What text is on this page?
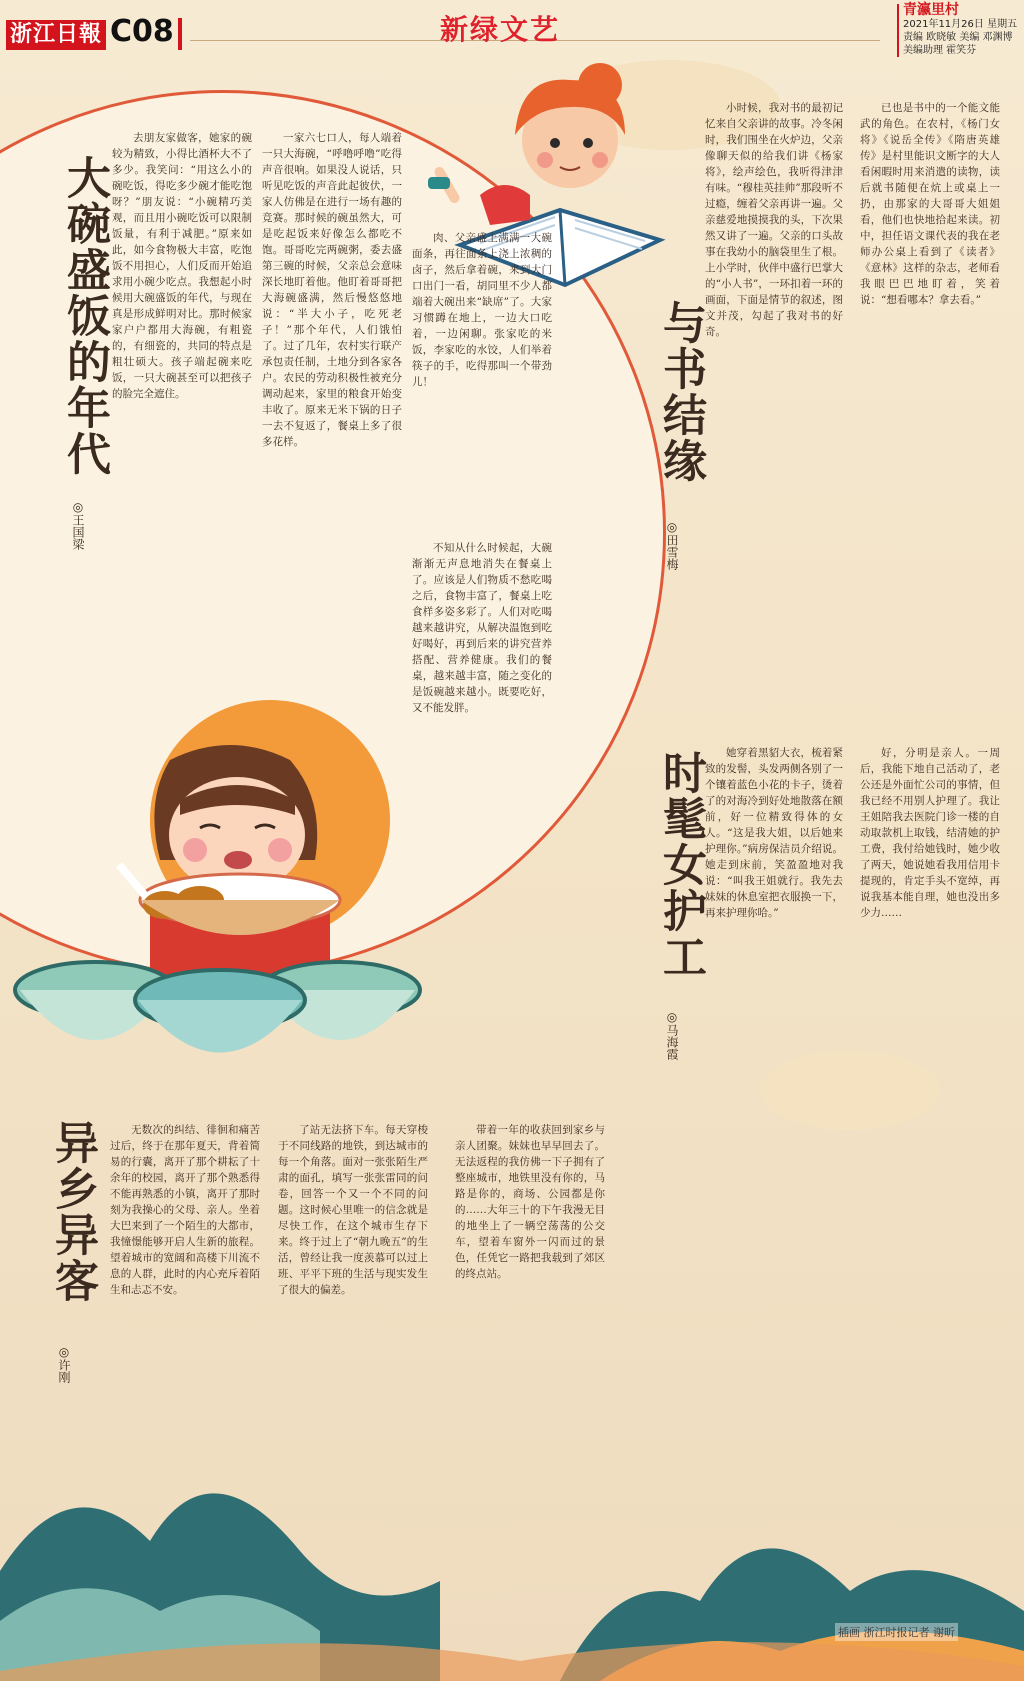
浙江日報 C08	新绿文艺
青瀛里村
2021年11月26日 星期五
责编 欧晓敏 美编 邓渊博
美编助理 霍笑芬
大碗盛饭的年代
◎王国梁
去朋友家做客，她家的碗较为精致，小得比酒杯大不了多少。我笑问：“用这么小的碗吃饭，得吃多少碗才能吃饱呀？”朋友说：“小碗精巧美观，而且用小碗吃饭可以限制饭量，有利于减肥。”原来如此，如今食物极大丰富，吃饱饭不用担心，人们反而开始追求用小碗少吃点。我想起小时候用大碗盛饭的年代，与现在真是形成鲜明对比。那时候家家户户都用大海碗，有粗瓷的，有细瓷的，共同的特点是粗壮硕大。孩子端起碗来吃饭，一只大碗甚至可以把孩子的脸完全遮住。
一家六七口人，每人端着一只大海碗，“呼噜呼噜”吃得声音很响。如果没人说话，只听见吃饭的声音此起彼伏，一家人仿佛是在进行一场有趣的竞赛。那时候的碗虽然大，可是吃起饭来好像怎么都吃不饱。哥哥吃完两碗粥，委去盛第三碗的时候，父亲总会意味深长地盯着他。他盯着哥哥把大海碗盛满，然后慢悠悠地说：“半大小子，吃死老子！”那个年代，人们饿怕了。过了几年，农村实行联产承包责任制，土地分到各家各户。农民的劳动积极性被充分调动起来，家里的粮食开始变丰收了。原来无米下锅的日子一去不复返了，餐桌上多了很多花样。
肉、父亲盛上满满一大碗面条，再往面条上浇上浓稠的卤子，然后拿着碗，来到大门口出门一看，胡同里不少人都端着大碗出来“缺席”了。大家习惯蹲在地上，一边大口吃着，一边闲聊。张家吃的米饭，李家吃的水饺，人们举着筷子的手，吃得那叫一个带劲儿！
不知从什么时候起，大碗渐渐无声息地消失在餐桌上了。应该是人们物质不愁吃喝之后，食物丰富了，餐桌上吃食样多姿多彩了。人们对吃喝越来越讲究，从解决温饱到吃好喝好，再到后来的讲究营养搭配、营养健康。我们的餐桌，越来越丰富，随之变化的是饭碗越来越小。既要吃好，又不能发胖。
与书结缘
◎田雪梅
小时候，我对书的最初记忆来自父亲讲的故事。冷冬闲时，我们围坐在火炉边，父亲像聊天似的给我们讲《杨家将》，绘声绘色，我听得津津有味。“穆桂英挂帅”那段听不过瘾，缠着父亲再讲一遍。父亲慈爱地摸摸我的头，下次果然又讲了一遍。父亲的口头故事在我幼小的脑袋里生了根。上小学时，伙伴中盛行巴掌大的“小人书”，一环扣着一环的画面，下面是情节的叙述，图文并茂，勾起了我对书的好奇。
已也是书中的一个能文能武的角色。在农村，《杨门女将》《说岳全传》《隋唐英雄传》是村里能识文断字的大人看闲暇时用来消遣的读物，读后就书随便在炕上或桌上一扔，由那家的大哥哥大姐姐看，他们也快地拾起来读。初中，担任语文课代表的我在老师办公桌上看到了《读者》《意林》这样的杂志，老师看我眼巴巴地盯着，笑着说：“想看哪本？拿去看。”
时髦女护工
◎马海霞
她穿着黑貂大衣，梳着紧致的发髻，头发两侧各别了一个镶着蓝色小花的卡子，烫着了的对海冷到好处地散落在额前，好一位精致得体的女人。“这是我大姐，以后她来护理你。”病房保洁员介绍说。她走到床前，笑盈盈地对我说：“叫我王姐就行。我先去妹妹的休息室把衣服换一下，再来护理你哈。”
好，分明是亲人。一周后，我能下地自己活动了，老公还是外面忙公司的事情，但我已经不用别人护理了。我让王姐陪我去医院门诊一楼的自动取款机上取钱，结清她的护工费，我付给她钱时，她少收了两天，她说她看我用信用卡提现的，肯定手头不宽绰，再说我基本能自理，她也没出多少力……
异乡异客
◎许刚
无数次的纠结、徘徊和痛苦过后，终于在那年夏天，背着简易的行囊，离开了那个耕耘了十余年的校园，离开了那个熟悉得不能再熟悉的小镇，离开了那时刻为我操心的父母、亲人。坐着大巴来到了一个陌生的大都市，我憧憬能够开启人生新的旅程。望着城市的宽阔和高楼下川流不息的人群，此时的内心充斥着陌生和忐忑不安。
了站无法挤下车。每天穿梭于不同线路的地铁，到达城市的每一个角落。面对一张张陌生严肃的面孔，填写一张张雷同的问卷，回答一个又一个不同的问题。这时候心里唯一的信念就是尽快工作，在这个城市生存下来。终于过上了“朝九晚五”的生活，曾经让我一度羡慕可以过上班、平平下班的生活与现实发生了很大的偏差。
带着一年的收获回到家乡与亲人团聚。妹妹也早早回去了。无法返程的我仿佛一下子拥有了整座城市，地铁里没有你的，马路是你的，商场、公园都是你的……大年三十的下午我漫无目的地坐上了一辆空荡荡的公交车，望着车窗外一闪而过的景色，任凭它一路把我载到了郊区的终点站。
插画 浙江时报记者 谢昕
